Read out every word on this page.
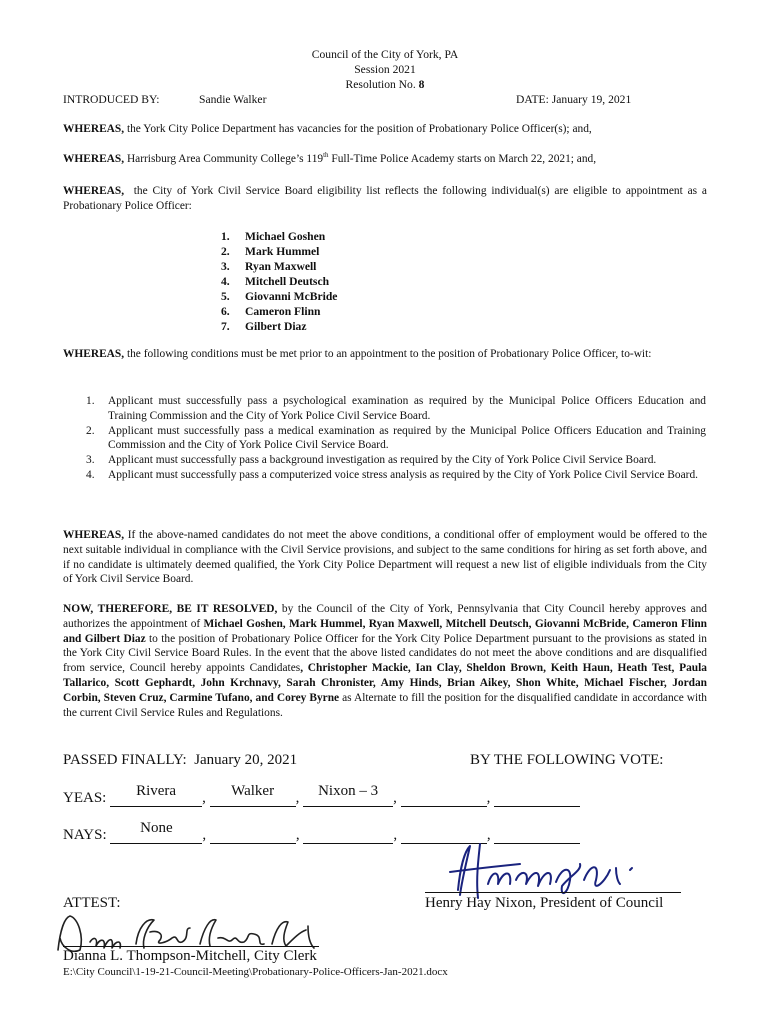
Council of the City of York, PA
Session 2021
Resolution No. 8
INTRODUCED BY:	Sandie Walker	DATE: January 19, 2021
WHEREAS, the York City Police Department has vacancies for the position of Probationary Police Officer(s); and,
WHEREAS, Harrisburg Area Community College’s 119th Full-Time Police Academy starts on March 22, 2021; and,
WHEREAS,  the City of York Civil Service Board eligibility list reflects the following individual(s) are eligible to appointment as a Probationary Police Officer:
1. Michael Goshen
2. Mark Hummel
3. Ryan Maxwell
4. Mitchell Deutsch
5. Giovanni McBride
6. Cameron Flinn
7. Gilbert Diaz
WHEREAS, the following conditions must be met prior to an appointment to the position of Probationary Police Officer, to-wit:
1.	Applicant must successfully pass a psychological examination as required by the Municipal Police Officers Education and Training Commission and the City of York Police Civil Service Board.
2.	Applicant must successfully pass a medical examination as required by the Municipal Police Officers Education and Training Commission and the City of York Police Civil Service Board.
3.	Applicant must successfully pass a background investigation as required by the City of York Police Civil Service Board.
4.	Applicant must successfully pass a computerized voice stress analysis as required by the City of York Police Civil Service Board.
WHEREAS, If the above-named candidates do not meet the above conditions, a conditional offer of employment would be offered to the next suitable individual in compliance with the Civil Service provisions, and subject to the same conditions for hiring as set forth above, and if no candidate is ultimately deemed qualified, the York City Police Department will request a new list of eligible individuals from the City of York Civil Service Board.
NOW, THEREFORE, BE IT RESOLVED, by the Council of the City of York, Pennsylvania that City Council hereby approves and authorizes the appointment of Michael Goshen, Mark Hummel, Ryan Maxwell, Mitchell Deutsch, Giovanni McBride, Cameron Flinn and Gilbert Diaz to the position of Probationary Police Officer for the York City Police Department pursuant to the provisions as stated in the York City Civil Service Board Rules. In the event that the above listed candidates do not meet the above conditions and are disqualified from service, Council hereby appoints Candidates, Christopher Mackie, Ian Clay, Sheldon Brown, Keith Haun, Heath Test, Paula Tallarico, Scott Gephardt, John Krchnavy, Sarah Chronister, Amy Hinds, Brian Aikey, Shon White, Michael Fischer, Jordan Corbin, Steven Cruz, Carmine Tufano, and Corey Byrne as Alternate to fill the position for the disqualified candidate in accordance with the current Civil Service Rules and Regulations.
PASSED FINALLY: January 20, 2021	BY THE FOLLOWING VOTE:
YEAS: Rivera , Walker , Nixon – 3 ,	,
NAYS: None ,	,	,	,
ATTEST:	Henry Hay Nixon, President of Council
Dianna L. Thompson-Mitchell, City Clerk
E:\City Council\1-19-21-Council-Meeting\Probationary-Police-Officers-Jan-2021.docx
